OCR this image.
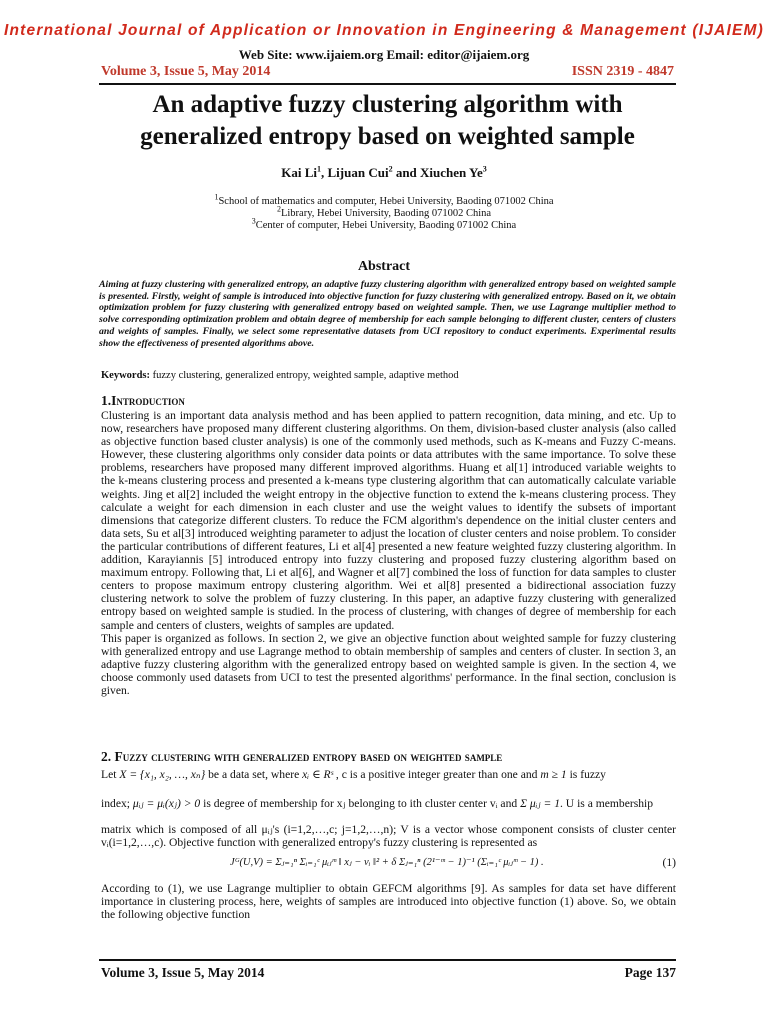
International Journal of Application or Innovation in Engineering & Management (IJAIEM)
Web Site: www.ijaiem.org Email: editor@ijaiem.org
Volume 3, Issue 5, May 2014	ISSN 2319 - 4847
An adaptive fuzzy clustering algorithm with
generalized entropy based on weighted sample
Kai Li$^1$, Lijuan Cui$^2$ and Xiuchen Ye$^3$
$^1$School of mathematics and computer, Hebei University, Baoding 071002 China
$^2$Library, Hebei University, Baoding 071002 China
$^3$Center of computer, Hebei University, Baoding 071002 China
Abstract
Aiming at fuzzy clustering with generalized entropy, an adaptive fuzzy clustering algorithm with generalized entropy based on weighted sample is presented. Firstly, weight of sample is introduced into objective function for fuzzy clustering with generalized entropy. Based on it, we obtain optimization problem for fuzzy clustering with generalized entropy based on weighted sample. Then, we use Lagrange multiplier method to solve corresponding optimization problem and obtain degree of membership for each sample belonging to different cluster, centers of clusters and weights of samples. Finally, we select some representative datasets from UCI repository to conduct experiments. Experimental results show the effectiveness of presented algorithms above.
Keywords: fuzzy clustering, generalized entropy, weighted sample, adaptive method
1.Introduction

Clustering is an important data analysis method and has been applied to pattern recognition, data mining, and etc. Up to now, researchers have proposed many different clustering algorithms. On them, division-based cluster analysis (also called as objective function based cluster analysis) is one of the commonly used methods, such as K-means and Fuzzy C-means. However, these clustering algorithms only consider data points or data attributes with the same importance. To solve these problems, researchers have proposed many different improved algorithms. Huang et al[1] introduced variable weights to the k-means clustering process and presented a k-means type clustering algorithm that can automatically calculate variable weights. Jing et al[2] included the weight entropy in the objective function to extend the k-means clustering process. They calculate a weight for each dimension in each cluster and use the weight values to identify the subsets of important dimensions that categorize different clusters. To reduce the FCM algorithm's dependence on the initial cluster centers and data sets, Su et al[3] introduced weighting parameter to adjust the location of cluster centers and noise problem. To consider the particular contributions of different features, Li et al[4] presented a new feature weighted fuzzy clustering algorithm. In addition, Karayiannis [5] introduced entropy into fuzzy clustering and proposed fuzzy clustering algorithm based on maximum entropy. Following that, Li et al[6], and Wagner et al[7] combined the loss of function for data samples to cluster centers to propose maximum entropy clustering algorithm. Wei et al[8] presented a bidirectional association fuzzy clustering network to solve the problem of fuzzy clustering. In this paper, an adaptive fuzzy clustering with generalized entropy based on weighted sample is studied. In the process of clustering, with changes of degree of membership for each sample and centers of clusters, weights of samples are updated.

This paper is organized as follows. In section 2, we give an objective function about weighted sample for fuzzy clustering with generalized entropy and use Lagrange method to obtain membership of samples and centers of cluster. In section 3, an adaptive fuzzy clustering algorithm with the generalized entropy based on weighted sample is given. In the section 4, we choose commonly used datasets from UCI to test the presented algorithms' performance. In the final section, conclusion is given.

2. Fuzzy clustering with generalized entropy based on weighted sample
Let X = {x₁, x₂, …, xₙ} be a data set, where xᵢ ∈ Rˢ , c is a positive integer greater than one and m ≥ 1 is fuzzy
index; μᵢⱼ = μᵢ(xⱼ) > 0 is degree of membership for xⱼ belonging to ith cluster center vᵢ and Σ μᵢⱼ = 1. U is a membership
matrix which is composed of all μᵢⱼ's (i=1,2,…,c; j=1,2,…,n); V is a vector whose component consists of cluster center vᵢ(i=1,2,…,c). Objective function with generalized entropy's fuzzy clustering is represented as
Jᴳ(U,V) = Σⱼ₌₁ⁿ Σᵢ₌₁ᶜ μᵢⱼᵐ ‖ xⱼ − vᵢ ‖² + δ Σⱼ₌₁ⁿ (2¹⁻ᵐ − 1)⁻¹ (Σᵢ₌₁ᶜ μᵢⱼᵐ − 1) .	(1)
According to (1), we use Lagrange multiplier to obtain GEFCM algorithms [9]. As samples for data set have different importance in clustering process, here, weights of samples are introduced into objective function (1) above. So, we obtain the following objective function
Volume 3, Issue 5, May 2014	Page 137
